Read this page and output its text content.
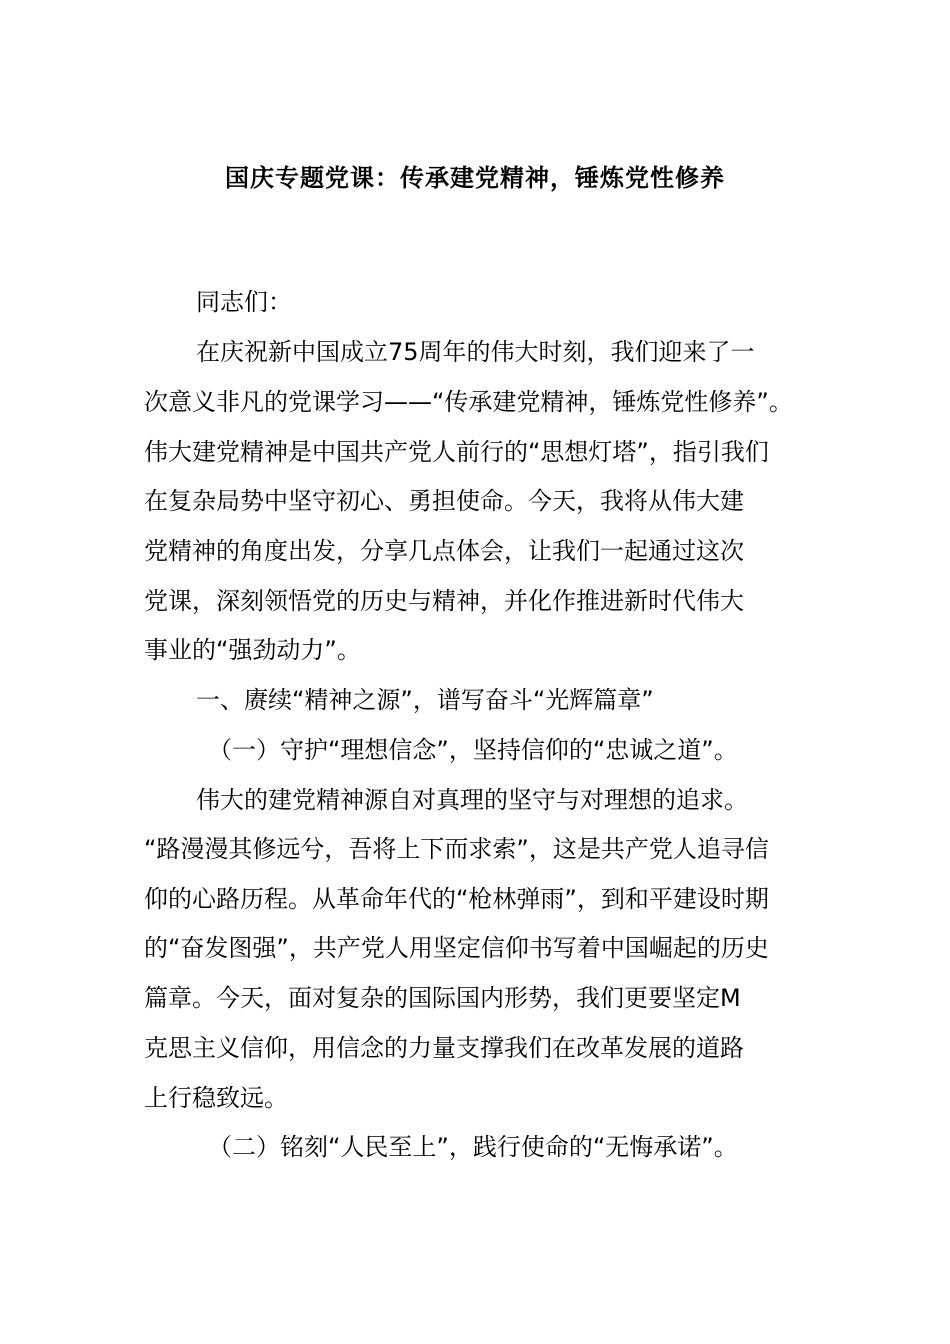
国庆专题党课：传承建党精神，锤炼党性修养
同志们：
在庆祝新中国成立75周年的伟大时刻，我们迎来了一
次意义非凡的党课学习——“传承建党精神，锤炼党性修养”。
伟大建党精神是中国共产党人前行的“思想灯塔”，指引我们
在复杂局势中坚守初心、勇担使命。今天，我将从伟大建
党精神的角度出发，分享几点体会，让我们一起通过这次
党课，深刻领悟党的历史与精神，并化作推进新时代伟大
事业的“强劲动力”。
一、赓续“精神之源”，谱写奋斗“光辉篇章”
（一）守护“理想信念”，坚持信仰的“忠诚之道”。
伟大的建党精神源自对真理的坚守与对理想的追求。
“路漫漫其修远兮，吾将上下而求索”，这是共产党人追寻信
仰的心路历程。从革命年代的“枪林弹雨”，到和平建设时期
的“奋发图强”，共产党人用坚定信仰书写着中国崛起的历史
篇章。今天，面对复杂的国际国内形势，我们更要坚定M
克思主义信仰，用信念的力量支撑我们在改革发展的道路
上行稳致远。
（二）铭刻“人民至上”，践行使命的“无悔承诺”。
